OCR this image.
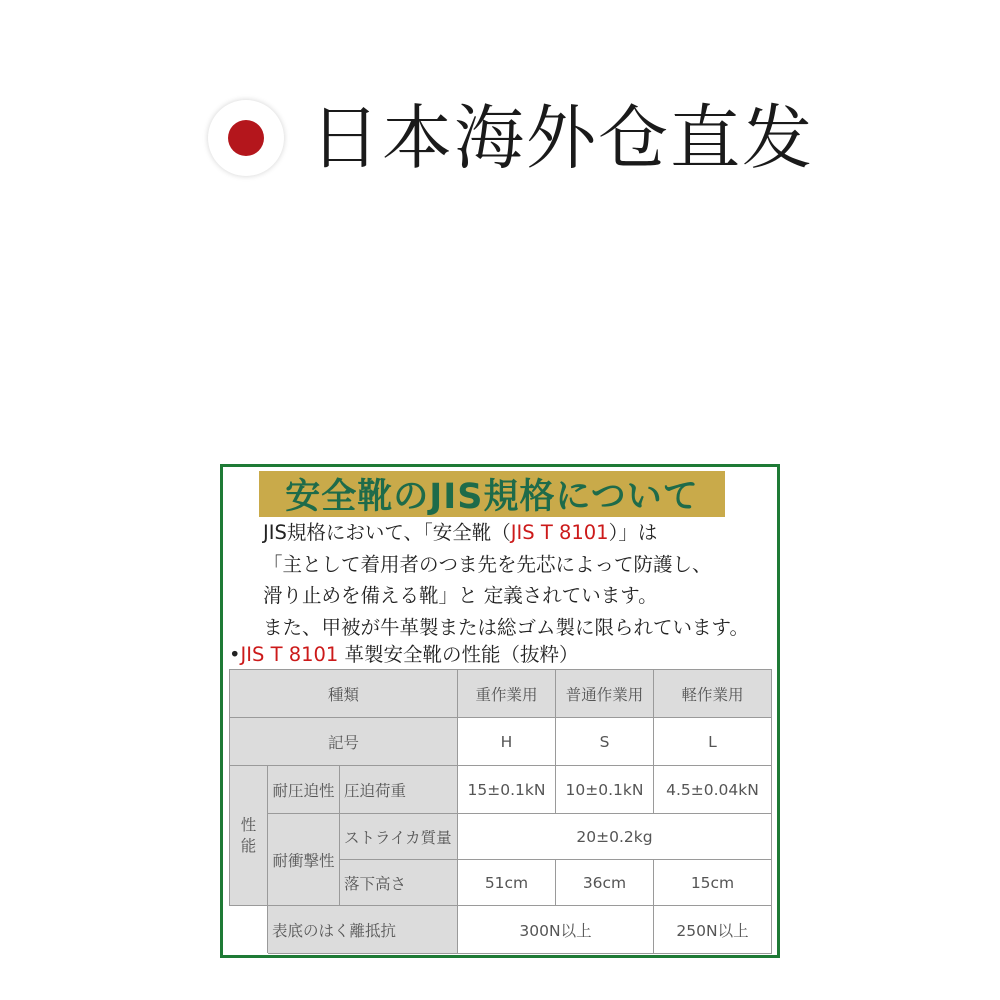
日本海外仓直发
安全靴のJIS規格について
JIS規格において、「安全靴（JIS T 8101）」は
「主として着用者のつま先を先芯によって防護し、
滑り止めを備える靴」と 定義されています。
また、甲被が牛革製または総ゴム製に限られています。
•JIS T 8101 革製安全靴の性能（抜粋）
種類			重作業用	普通作業用	軽作業用
記号			H	S	L
性
能	耐圧迫性	圧迫荷重	15±0.1kN	10±0.1kN	4.5±0.04kN
	耐衝撃性	ストライカ質量	20±0.2kg		
		落下高さ	51cm	36cm	15cm
	表底のはく離抵抗		300N以上		250N以上
